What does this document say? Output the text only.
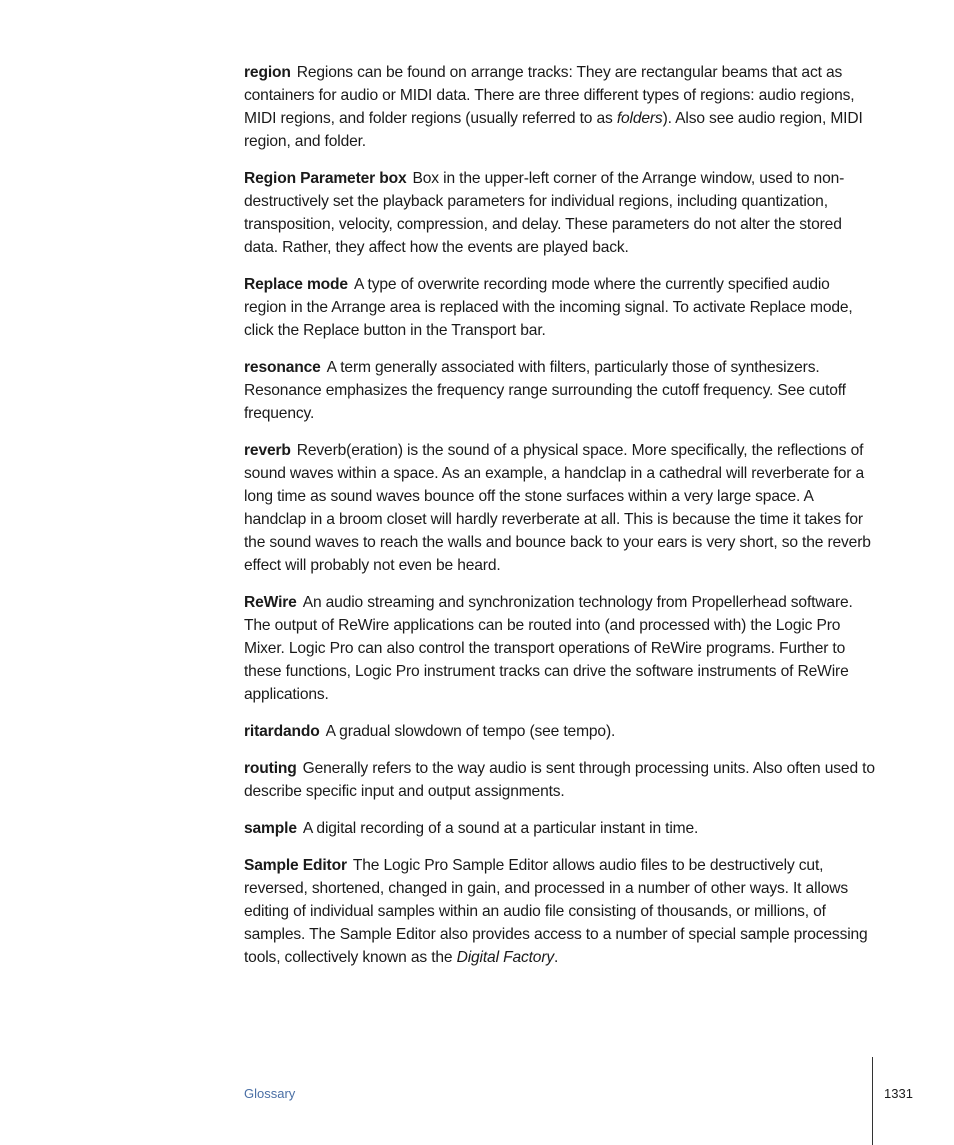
region Regions can be found on arrange tracks: They are rectangular beams that act as containers for audio or MIDI data. There are three different types of regions: audio regions, MIDI regions, and folder regions (usually referred to as folders). Also see audio region, MIDI region, and folder.

Region Parameter box Box in the upper-left corner of the Arrange window, used to non-destructively set the playback parameters for individual regions, including quantization, transposition, velocity, compression, and delay. These parameters do not alter the stored data. Rather, they affect how the events are played back.

Replace mode A type of overwrite recording mode where the currently specified audio region in the Arrange area is replaced with the incoming signal. To activate Replace mode, click the Replace button in the Transport bar.

resonance A term generally associated with filters, particularly those of synthesizers. Resonance emphasizes the frequency range surrounding the cutoff frequency. See cutoff frequency.

reverb Reverb(eration) is the sound of a physical space. More specifically, the reflections of sound waves within a space. As an example, a handclap in a cathedral will reverberate for a long time as sound waves bounce off the stone surfaces within a very large space. A handclap in a broom closet will hardly reverberate at all. This is because the time it takes for the sound waves to reach the walls and bounce back to your ears is very short, so the reverb effect will probably not even be heard.

ReWire An audio streaming and synchronization technology from Propellerhead software. The output of ReWire applications can be routed into (and processed with) the Logic Pro Mixer. Logic Pro can also control the transport operations of ReWire programs. Further to these functions, Logic Pro instrument tracks can drive the software instruments of ReWire applications.

ritardando A gradual slowdown of tempo (see tempo).

routing Generally refers to the way audio is sent through processing units. Also often used to describe specific input and output assignments.

sample A digital recording of a sound at a particular instant in time.

Sample Editor The Logic Pro Sample Editor allows audio files to be destructively cut, reversed, shortened, changed in gain, and processed in a number of other ways. It allows editing of individual samples within an audio file consisting of thousands, or millions, of samples. The Sample Editor also provides access to a number of special sample processing tools, collectively known as the Digital Factory.

Glossary	1331
